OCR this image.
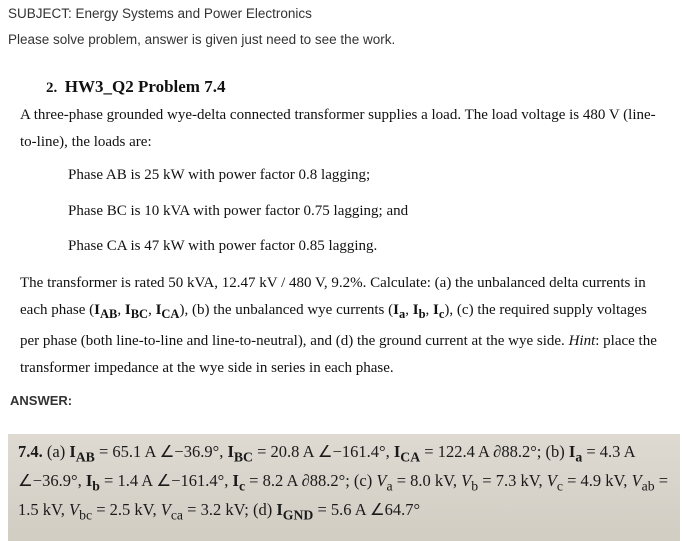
SUBJECT: Energy Systems and Power Electronics
Please solve problem, answer is given just need to see the work.
2. HW3_Q2 Problem 7.4
A three-phase grounded wye-delta connected transformer supplies a load. The load voltage is 480 V (line-to-line), the loads are:
Phase AB is 25 kW with power factor 0.8 lagging;
Phase BC is 10 kVA with power factor 0.75 lagging; and
Phase CA is 47 kW with power factor 0.85 lagging.
The transformer is rated 50 kVA, 12.47 kV / 480 V, 9.2%. Calculate: (a) the unbalanced delta currents in each phase ($I_{AB}$, $I_{BC}$, $I_{CA}$), (b) the unbalanced wye currents ($I_a$, $I_b$, $I_c$), (c) the required supply voltages per phase (both line-to-line and line-to-neutral), and (d) the ground current at the wye side. Hint: place the transformer impedance at the wye side in series in each phase.
ANSWER:
7.4. (a) $I_{AB} = 65.1$ A ∠−36.9°, $I_{BC} = 20.8$ A ∠−161.4°, $I_{CA} = 122.4$ A ∂88.2°; (b) $I_a = 4.3$ A ∠−36.9°, $I_b = 1.4$ A ∠−161.4°, $I_c = 8.2$ A ∂88.2°; (c) $V_a = 8.0$ kV, $V_b = 7.3$ kV, $V_c = 4.9$ kV, $V_{ab} = 1.5$ kV, $V_{bc} = 2.5$ kV, $V_{ca} = 3.2$ kV; (d) $I_{GND} = 5.6$ A ∠64.7°
